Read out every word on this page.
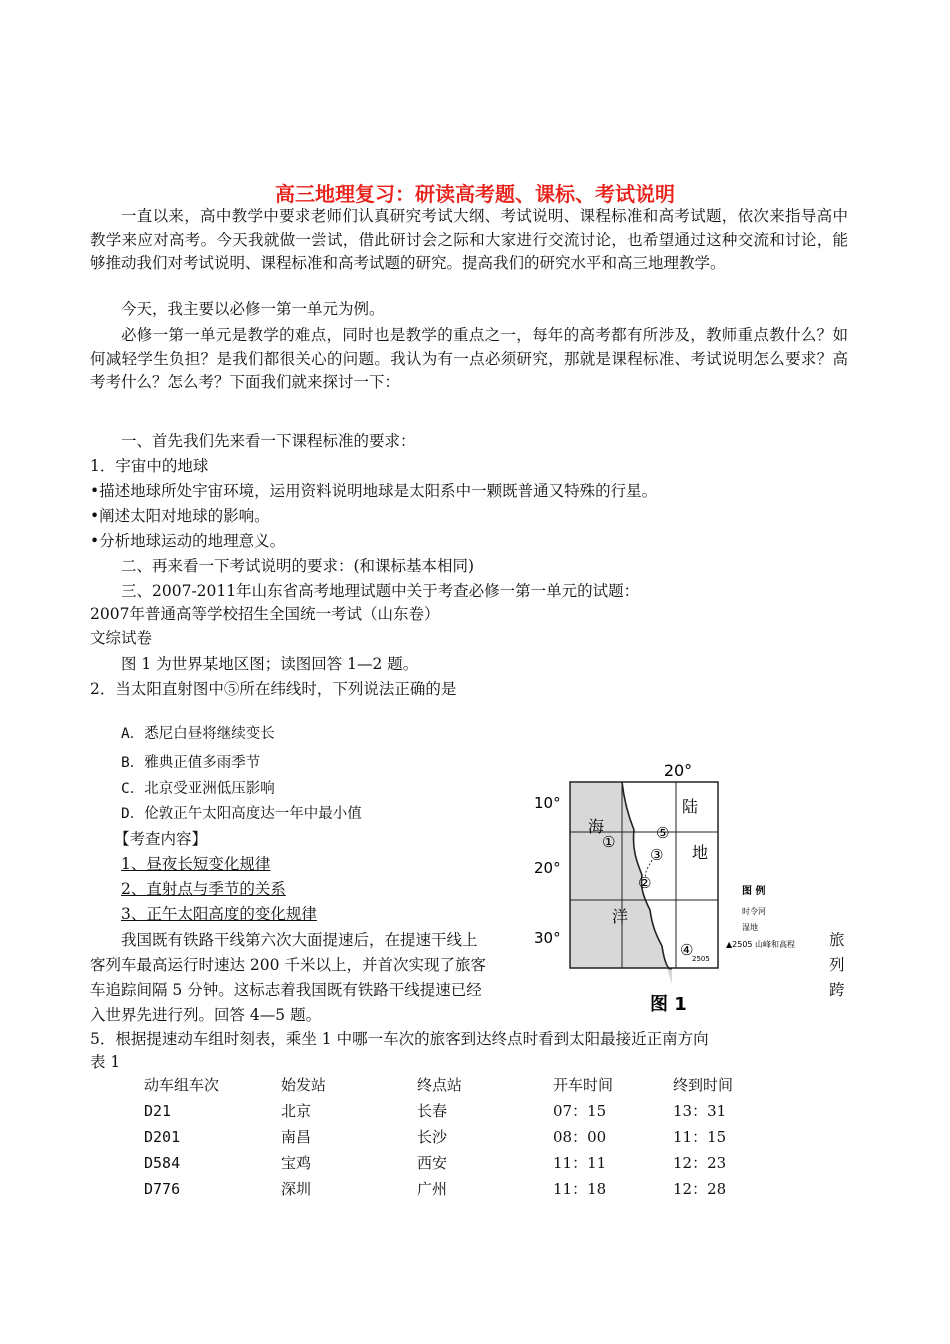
高三地理复习：研读高考题、课标、考试说明
一直以来，高中教学中要求老师们认真研究考试大纲、考试说明、课程标准和高考试题，依次来指导高中教学来应对高考。今天我就做一尝试，借此研讨会之际和大家进行交流讨论，也希望通过这种交流和讨论，能够推动我们对考试说明、课程标准和高考试题的研究。提高我们的研究水平和高三地理教学。
今天，我主要以必修一第一单元为例。
必修一第一单元是教学的难点，同时也是教学的重点之一，每年的高考都有所涉及，教师重点教什么？如何减轻学生负担？是我们都很关心的问题。我认为有一点必须研究，那就是课程标准、考试说明怎么要求？高考考什么？怎么考？下面我们就来探讨一下：
一、首先我们先来看一下课程标准的要求：
1．宇宙中的地球
•描述地球所处宇宙环境，运用资料说明地球是太阳系中一颗既普通又特殊的行星。
•阐述太阳对地球的影响。
•分析地球运动的地理意义。
二、再来看一下考试说明的要求：(和课标基本相同)
三、2007-2011年山东省高考地理试题中关于考查必修一第一单元的试题：
2007年普通高等学校招生全国统一考试（山东卷）
文综试卷
图 1 为世界某地区图；读图回答 1—2 题。
2．当太阳直射图中⑤所在纬线时，下列说法正确的是
A．悉尼白昼将继续变长
B．雅典正值多雨季节
C．北京受亚洲低压影响
D．伦敦正午太阳高度达一年中最小值
【考查内容】
1、昼夜长短变化规律
2、直射点与季节的关系
3、正午太阳高度的变化规律
我国既有铁路干线第六次大面提速后，在提速干线上
客列车最高运行时速达 200 千米以上，并首次实现了旅客
车追踪间隔 5 分钟。这标志着我国既有铁路干线提速已经
入世界先进行列。回答 4—5 题。
旅
列
跨
5．根据提速动车组时刻表，乘坐 1 中哪一车次的旅客到达终点时看到太阳最接近正南方向
表 1
动车组车次	始发站	终点站	开车时间	终到时间
D21	北京	长春	07：15	13：31
D201	南昌	长沙	08：00	11：15
D584	宝鸡	西安	11：11	12：23
D776	深圳	广州	11：18	12：28
20°
10°
20°
30°
陆
地
海
洋
①
②
③
④
⑤
2505
图 例
时令河
湿地
▲2505 山峰和高程
图 1
